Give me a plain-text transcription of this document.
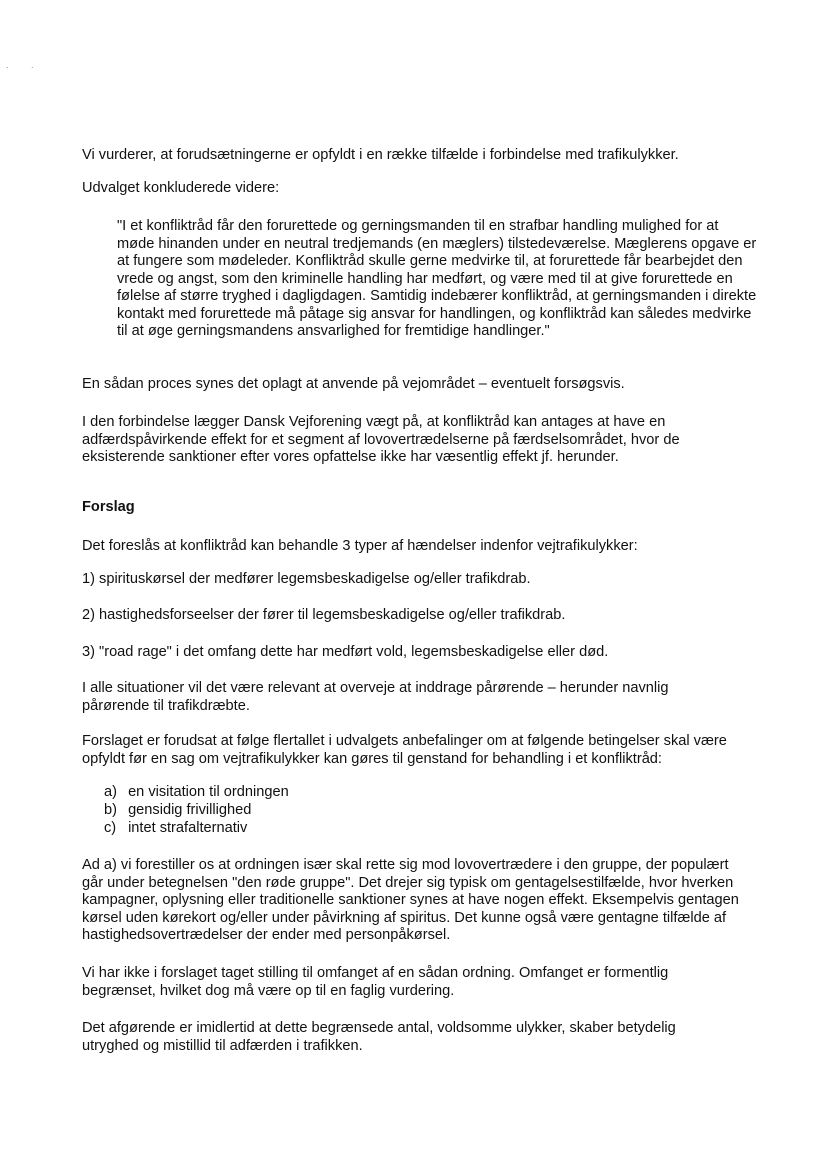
. .

Vi vurderer, at forudsætningerne er opfyldt i en række tilfælde i forbindelse med trafikulykker.

Udvalget konkluderede videre:

"I et konfliktråd får den forurettede og gerningsmanden til en strafbar handling mulighed for at møde hinanden under en neutral tredjemands (en mæglers) tilstedeværelse. Mæglerens opgave er at fungere som mødeleder. Konfliktråd skulle gerne medvirke til, at forurettede får bearbejdet den vrede og angst, som den kriminelle handling har medført, og være med til at give forurettede en følelse af større tryghed i dagligdagen. Samtidig indebærer konfliktråd, at gerningsmanden i direkte kontakt med forurettede må påtage sig ansvar for handlingen, og konfliktråd kan således medvirke til at øge gerningsmandens ansvarlighed for fremtidige handlinger."

En sådan proces synes det oplagt at anvende på vejområdet – eventuelt forsøgsvis.

I den forbindelse lægger Dansk Vejforening vægt på, at konfliktråd kan antages at have en adfærdspåvirkende effekt for et segment af lovovertrædelserne på færdselsområdet, hvor de eksisterende sanktioner efter vores opfattelse ikke har væsentlig effekt jf. herunder.

Forslag

Det foreslås at konfliktråd kan behandle 3 typer af hændelser indenfor vejtrafikulykker:

1) spirituskørsel der medfører legemsbeskadigelse og/eller trafikdrab.

2) hastighedsforseelser der fører til legemsbeskadigelse og/eller trafikdrab.

3) "road rage" i det omfang dette har medført vold, legemsbeskadigelse eller død.

I alle situationer vil det være relevant at overveje at inddrage pårørende – herunder navnlig pårørende til trafikdræbte.

Forslaget er forudsat at følge flertallet i udvalgets anbefalinger om at følgende betingelser skal være opfyldt før en sag om vejtrafikulykker kan gøres til genstand for behandling i et konfliktråd:

a) en visitation til ordningen
b) gensidig frivillighed
c) intet strafalternativ

Ad a) vi forestiller os at ordningen især skal rette sig mod lovovertrædere i den gruppe, der populært går under betegnelsen "den røde gruppe". Det drejer sig typisk om gentagelsestilfælde, hvor hverken kampagner, oplysning eller traditionelle sanktioner synes at have nogen effekt. Eksempelvis gentagen kørsel uden kørekort og/eller under påvirkning af spiritus. Det kunne også være gentagne tilfælde af hastighedsovertrædelser der ender med personpåkørsel.

Vi har ikke i forslaget taget stilling til omfanget af en sådan ordning. Omfanget er formentlig begrænset, hvilket dog må være op til en faglig vurdering.

Det afgørende er imidlertid at dette begrænsede antal, voldsomme ulykker, skaber betydelig utryghed og mistillid til adfærden i trafikken.
